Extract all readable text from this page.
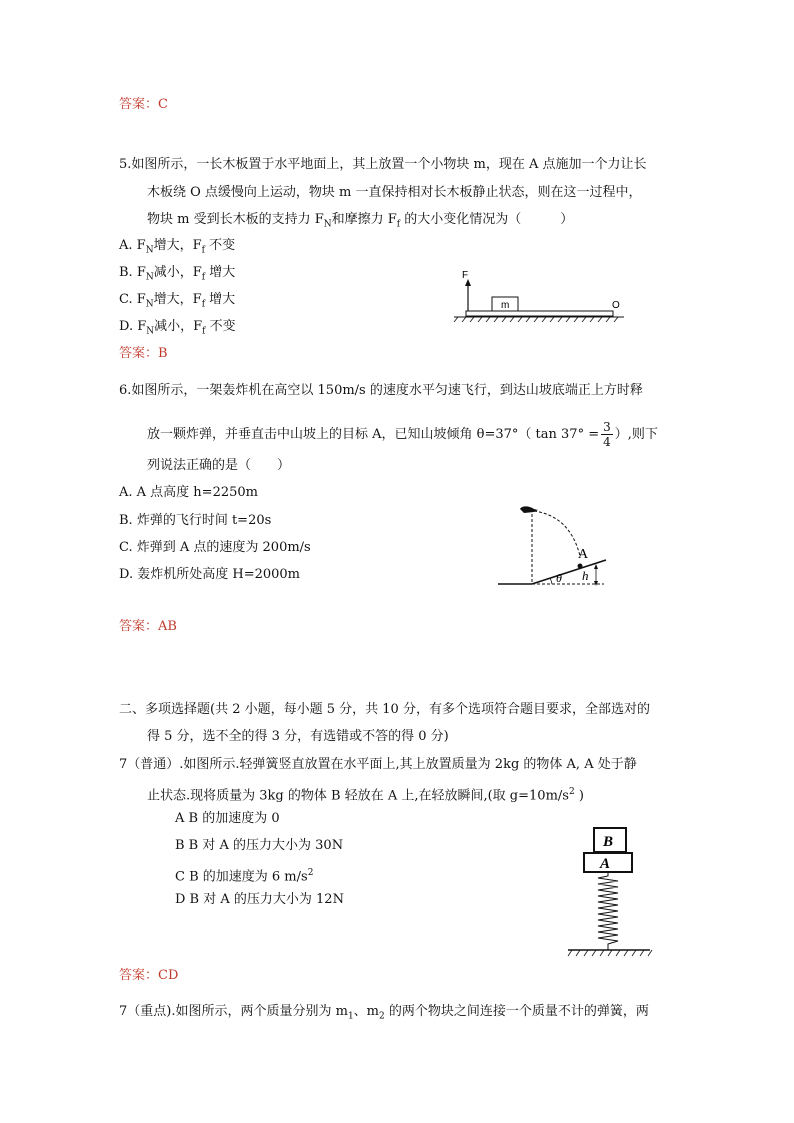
答案：C
5.如图所示，一长木板置于水平地面上，其上放置一个小物块 m，现在 A 点施加一个力让长
木板绕 O 点缓慢向上运动，物块 m 一直保持相对长木板静止状态，则在这一过程中，
物块 m 受到长木板的支持力 $F_N$和摩擦力 $F_f$ 的大小变化情况为（　　　）
A. $F_N$增大，$F_f$ 不变
B. $F_N$减小，$F_f$ 增大
C. $F_N$增大，$F_f$ 增大
D. $F_N$减小，$F_f$ 不变
F
m	O
答案：B
6.如图所示，一架轰炸机在高空以 150m/s 的速度水平匀速飞行，到达山坡底端正上方时释
放一颗炸弹，并垂直击中山坡上的目标 A，已知山坡倾角 θ=37°（ $\tan 37^\circ = \frac{3}{4}$ ）,则下
列说法正确的是（　　）
A. A 点高度 h=2250m
B. 炸弹的飞行时间 t=20s
C. 炸弹到 A 点的速度为 200m/s
D. 轰炸机所处高度 H=2000m
A
θ h
答案：AB
二、多项选择题(共 2 小题，每小题 5 分，共 10 分，有多个选项符合题目要求，全部选对的
得 5 分，选不全的得 3 分，有选错或不答的得 0 分)
7（普通）.如图所示.轻弹簧竖直放置在水平面上,其上放置质量为 2kg 的物体 A, A 处于静
止状态.现将质量为 3kg 的物体 B 轻放在 A 上,在轻放瞬间,(取 $g=10m/s^2$ )
A B 的加速度为 0
B B 对 A 的压力大小为 30N
C B 的加速度为 6 $m/s^2$
D B 对 A 的压力大小为 12N
B
A
答案：CD
7（重点).如图所示，两个质量分别为 $m_1$、$m_2$ 的两个物块之间连接一个质量不计的弹簧，两
